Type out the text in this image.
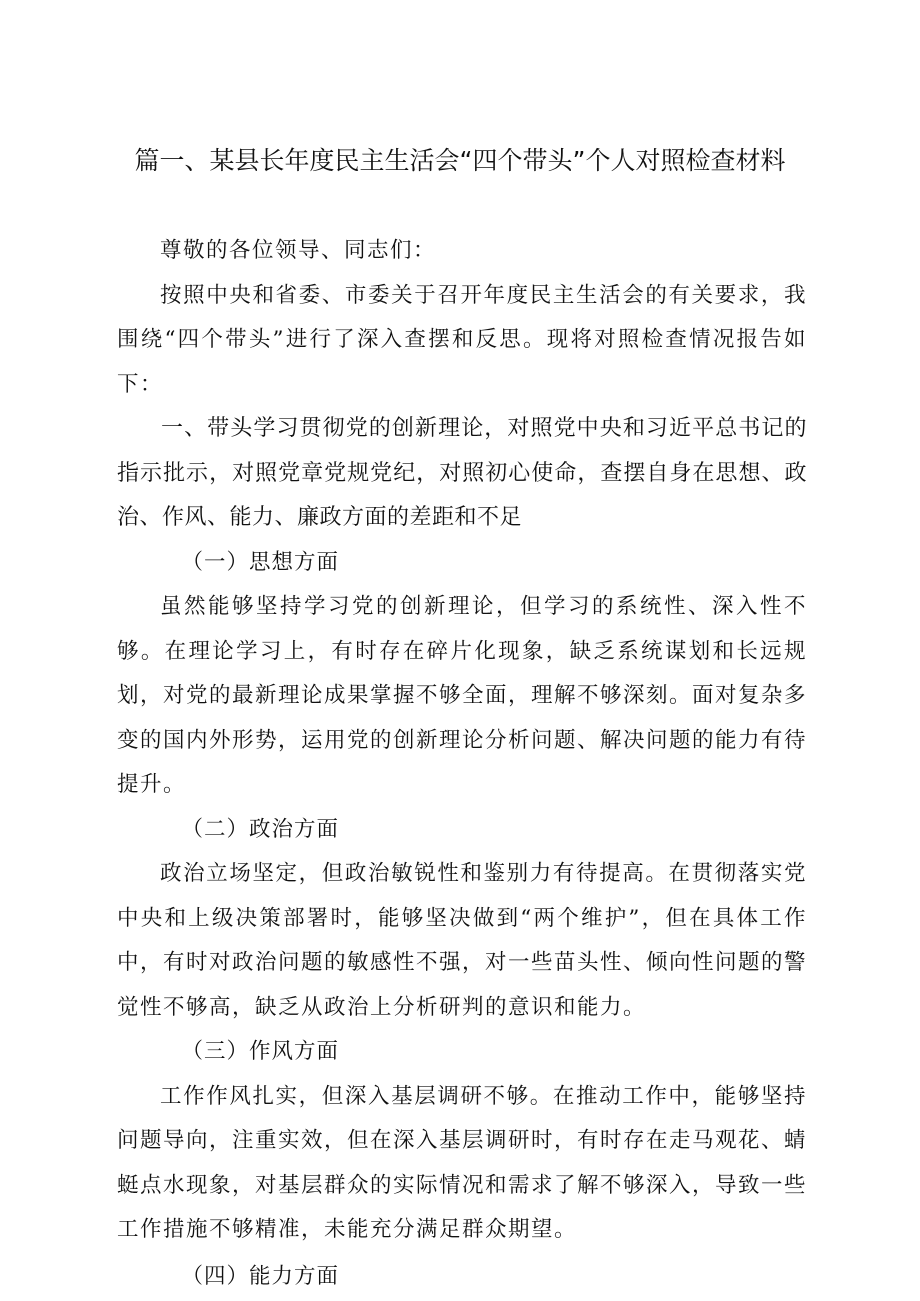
篇一、某县长年度民主生活会“四个带头”个人对照检查材料

尊敬的各位领导、同志们：

按照中央和省委、市委关于召开年度民主生活会的有关要求，我围绕“四个带头”进行了深入查摆和反思。现将对照检查情况报告如下：

一、带头学习贯彻党的创新理论，对照党中央和习近平总书记的指示批示，对照党章党规党纪，对照初心使命，查摆自身在思想、政治、作风、能力、廉政方面的差距和不足

（一）思想方面

虽然能够坚持学习党的创新理论，但学习的系统性、深入性不够。在理论学习上，有时存在碎片化现象，缺乏系统谋划和长远规划，对党的最新理论成果掌握不够全面，理解不够深刻。面对复杂多变的国内外形势，运用党的创新理论分析问题、解决问题的能力有待提升。

（二）政治方面

政治立场坚定，但政治敏锐性和鉴别力有待提高。在贯彻落实党中央和上级决策部署时，能够坚决做到“两个维护”，但在具体工作中，有时对政治问题的敏感性不强，对一些苗头性、倾向性问题的警觉性不够高，缺乏从政治上分析研判的意识和能力。

（三）作风方面

工作作风扎实，但深入基层调研不够。在推动工作中，能够坚持问题导向，注重实效，但在深入基层调研时，有时存在走马观花、蜻蜓点水现象，对基层群众的实际情况和需求了解不够深入，导致一些工作措施不够精准，未能充分满足群众期望。

（四）能力方面
